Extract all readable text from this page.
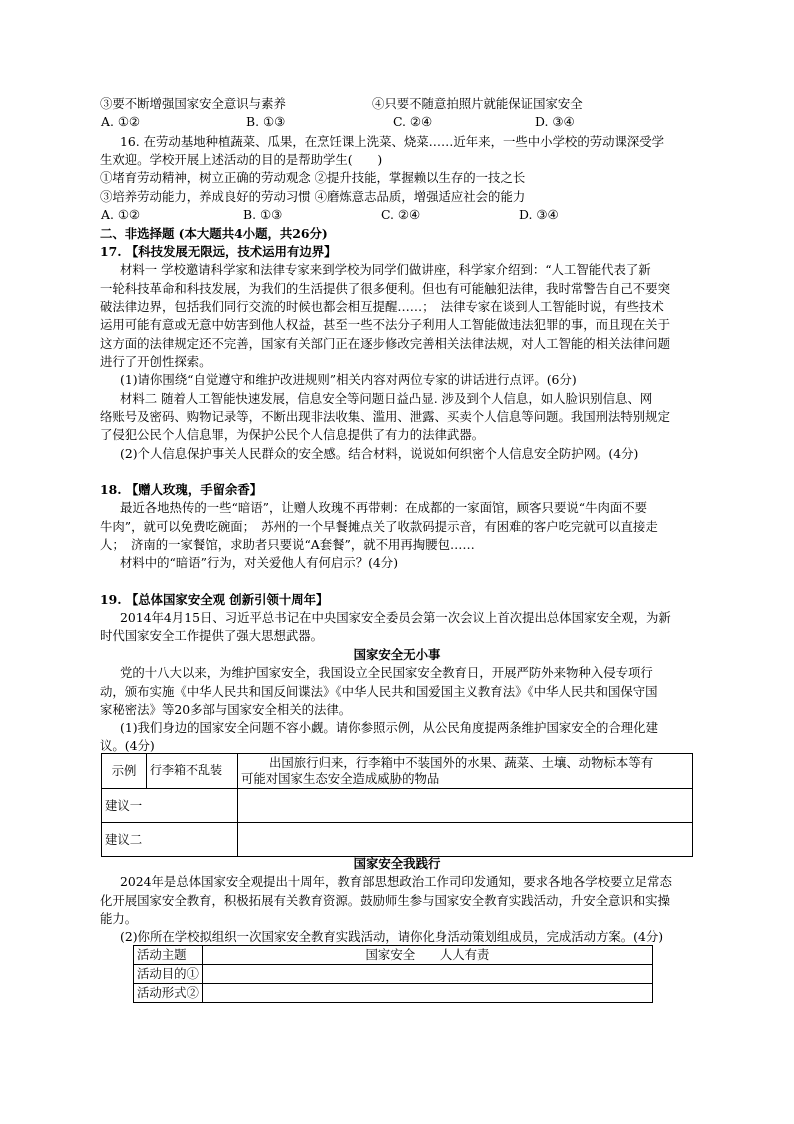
③要不断增强国家安全意识与素养	④只要不随意拍照片就能保证国家安全
A. ①②	B. ①③	C. ②④	D. ③④
16. 在劳动基地种植蔬菜、瓜果，在烹饪课上洗菜、烧菜……近年来，一些中小学校的劳动课深受学
生欢迎。学校开展上述活动的目的是帮助学生(　　)
①堵育劳动精神，树立正确的劳动观念 ②提升技能，掌握赖以生存的一技之长
③培养劳动能力，养成良好的劳动习惯 ④磨炼意志品质，增强适应社会的能力
A. ①②	B. ①③	C. ②④	D. ③④
二、非选择题 (本大题共4小题，共26分)
17. 【科技发展无限远，技术运用有边界】
材料一 学校邀请科学家和法律专家来到学校为同学们做讲座，科学家介绍到：“人工智能代表了新
一轮科技革命和科技发展，为我们的生活提供了很多便利。但也有可能触犯法律，我时常警告自己不要突
破法律边界，包括我们同行交流的时候也都会相互提醒……；　法律专家在谈到人工智能时说，有些技术
运用可能有意或无意中妨害到他人权益，甚至一些不法分子利用人工智能做违法犯罪的事，而且现在关于
这方面的法律规定还不完善，国家有关部门正在逐步修改完善相关法律法规，对人工智能的相关法律问题
进行了开创性探索。
(1)请你围绕“自觉遵守和维护改进规则”相关内容对两位专家的讲话进行点评。(6分)
材料二 随着人工智能快速发展，信息安全等问题日益凸显. 涉及到个人信息，如人脸识别信息、网
络账号及密码、购物记录等，不断出现非法收集、滥用、泄露、买卖个人信息等问题。我国刑法特别规定
了侵犯公民个人信息罪，为保护公民个人信息提供了有力的法律武器。
(2)个人信息保护事关人民群众的安全感。结合材料，说说如何织密个人信息安全防护网。(4分)
18. 【赠人玫瑰，手留余香】
最近各地热传的一些“暗语”，让赠人玫瑰不再带刺：在成都的一家面馆，顾客只要说“牛肉面不要
牛肉”，就可以免费吃碗面；　苏州的一个早餐摊点关了收款码提示音，有困难的客户吃完就可以直接走
人；　济南的一家餐馆，求助者只要说“A套餐”，就不用再掏腰包……
材料中的“暗语”行为，对关爱他人有何启示？(4分)
19. 【总体国家安全观 创新引领十周年】
2014年4月15日、习近平总书记在中央国家安全委员会第一次会议上首次提出总体国家安全观，为新
时代国家安全工作提供了强大思想武器。
国家安全无小事
党的十八大以来，为维护国家安全，我国设立全民国家安全教育日，开展严防外来物种入侵专项行
动，颁布实施《中华人民共和国反间谍法》《中华人民共和国爱国主义教育法》《中华人民共和国保守国
家秘密法》等20多部与国家安全相关的法律。
(1)我们身边的国家安全问题不容小觑。请你参照示例，从公民角度提两条维护国家安全的合理化建
议。(4分)
示例	行李箱不乱装	出国旅行归来，行李箱中不装国外的水果、蔬菜、土壤、动物标本等有
可能对国家生态安全造成威胁的物品

建议一		
建议二		
国家安全我践行
2024年是总体国家安全观提出十周年，教育部思想政治工作司印发通知，要求各地各学校要立足常态
化开展国家安全教育，积极拓展有关教育资源。鼓励师生参与国家安全教育实践活动，升安全意识和实操
能力。
(2)你所在学校拟组织一次国家安全教育实践活动，请你化身活动策划组成员，完成活动方案。(4分)
活动主题	国家安全　　人人有责
活动目的①	
活动形式②	
